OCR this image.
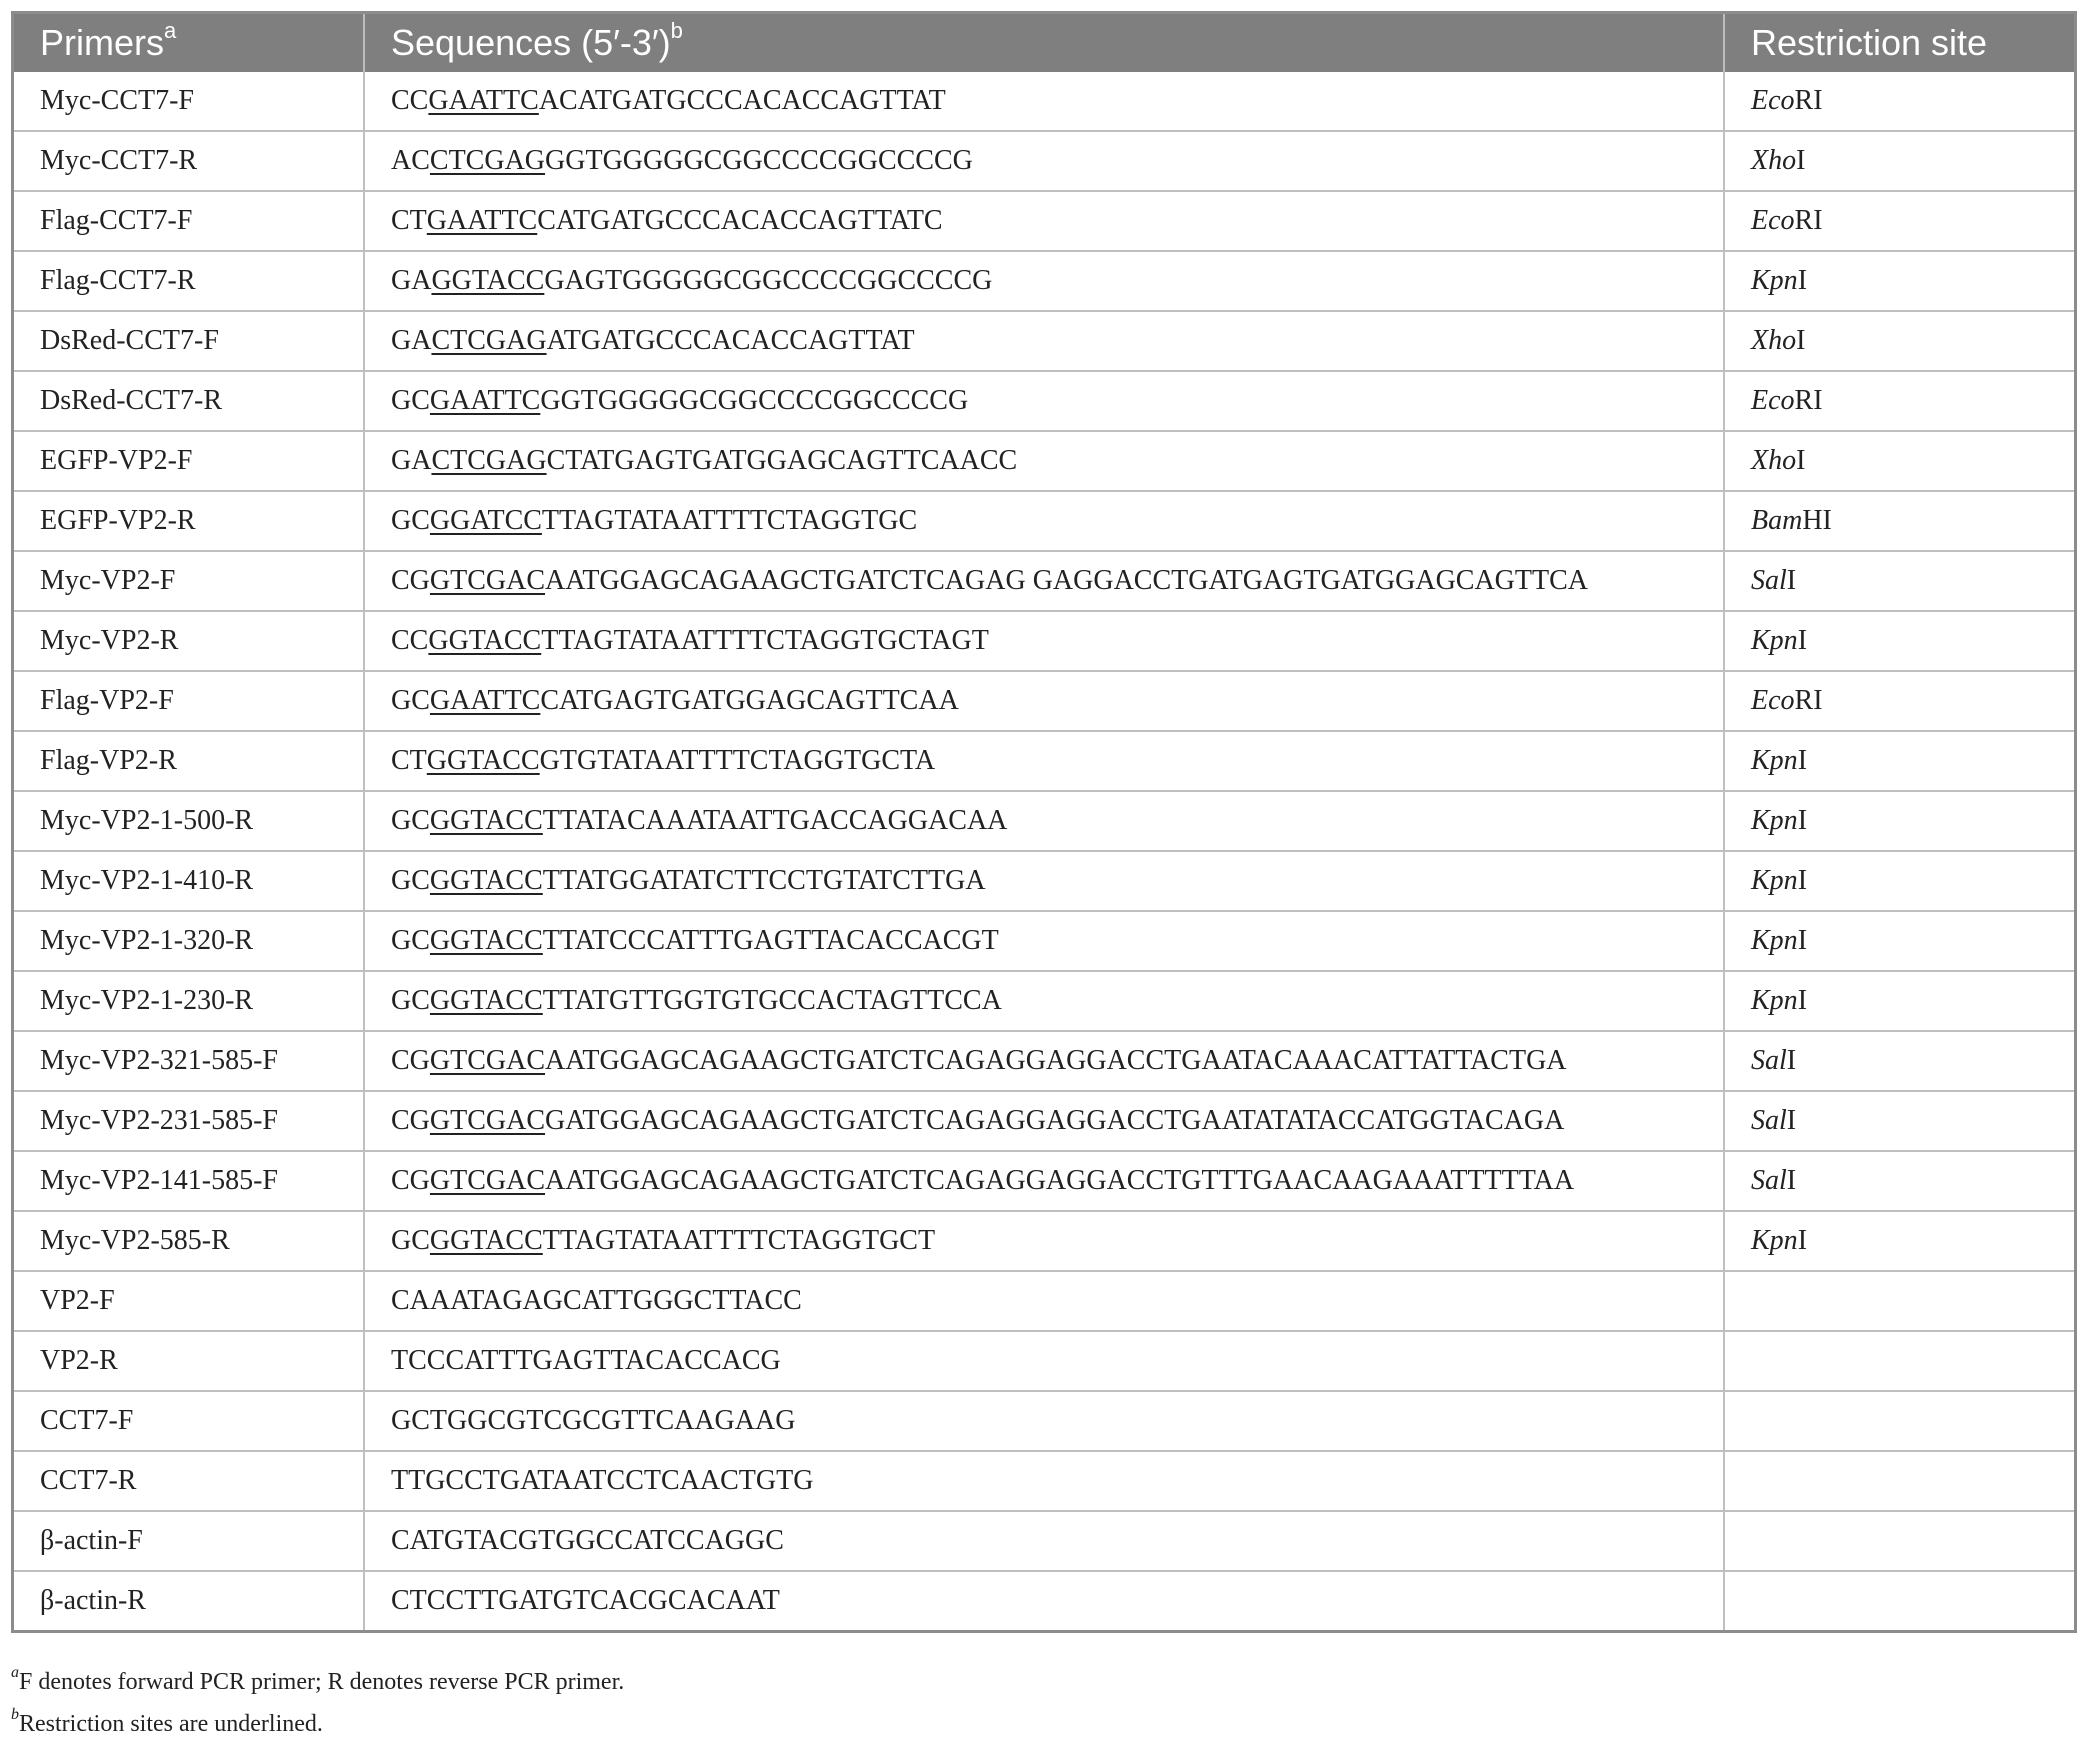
Primers$^a$	Sequences $(5'-3')^b$	Restriction site
Myc-CCT7-F	CCGAATTCACATGATGCCCACACCAGTTAT	EcoRI
Myc-CCT7-R	ACCTCGAGGGTGGGGGCGGCCCCGGCCCCG	XhoI
Flag-CCT7-F	CTGAATTCCATGATGCCCACACCAGTTATC	EcoRI
Flag-CCT7-R	GAGGTACCGAGTGGGGGCGGCCCCGGCCCCG	KpnI
DsRed-CCT7-F	GACTCGAGATGATGCCCACACCAGTTAT	XhoI
DsRed-CCT7-R	GCGAATTCGGTGGGGGCGGCCCCGGCCCCG	EcoRI
EGFP-VP2-F	GACTCGAGCTATGAGTGATGGAGCAGTTCAACC	XhoI
EGFP-VP2-R	GCGGATCCTTAGTATAATTTTCTAGGTGC	BamHI
Myc-VP2-F	CGGTCGACAATGGAGCAGAAGCTGATCTCAGAG GAGGACCTGATGAGTGATGGAGCAGTTCA	SalI
Myc-VP2-R	CCGGTACCTTAGTATAATTTTCTAGGTGCTAGT	KpnI
Flag-VP2-F	GCGAATTCCATGAGTGATGGAGCAGTTCAA	EcoRI
Flag-VP2-R	CTGGTACCGTGTATAATTTTCTAGGTGCTA	KpnI
Myc-VP2-1-500-R	GCGGTACCTTATACAAATAATTGACCAGGACAA	KpnI
Myc-VP2-1-410-R	GCGGTACCTTATGGATATCTTCCTGTATCTTGA	KpnI
Myc-VP2-1-320-R	GCGGTACCTTATCCCATTTGAGTTACACCACGT	KpnI
Myc-VP2-1-230-R	GCGGTACCTTATGTTGGTGTGCCACTAGTTCCA	KpnI
Myc-VP2-321-585-F	CGGTCGACAATGGAGCAGAAGCTGATCTCAGAGGAGGACCTGAATACAAACATTATTACTGA	SalI
Myc-VP2-231-585-F	CGGTCGACGATGGAGCAGAAGCTGATCTCAGAGGAGGACCTGAATATATACCATGGTACAGA	SalI
Myc-VP2-141-585-F	CGGTCGACAATGGAGCAGAAGCTGATCTCAGAGGAGGACCTGTTTGAACAAGAAATTTTTAA	SalI
Myc-VP2-585-R	GCGGTACCTTAGTATAATTTTCTAGGTGCT	KpnI
VP2-F	CAAATAGAGCATTGGGCTTACC	
VP2-R	TCCCATTTGAGTTACACCACG	
CCT7-F	GCTGGCGTCGCGTTCAAGAAG	
CCT7-R	TTGCCTGATAATCCTCAACTGTG	
β-actin-F	CATGTACGTGGCCATCCAGGC	
β-actin-R	CTCCTTGATGTCACGCACAAT	
$^a$F denotes forward PCR primer; R denotes reverse PCR primer.
$^b$Restriction sites are underlined.
